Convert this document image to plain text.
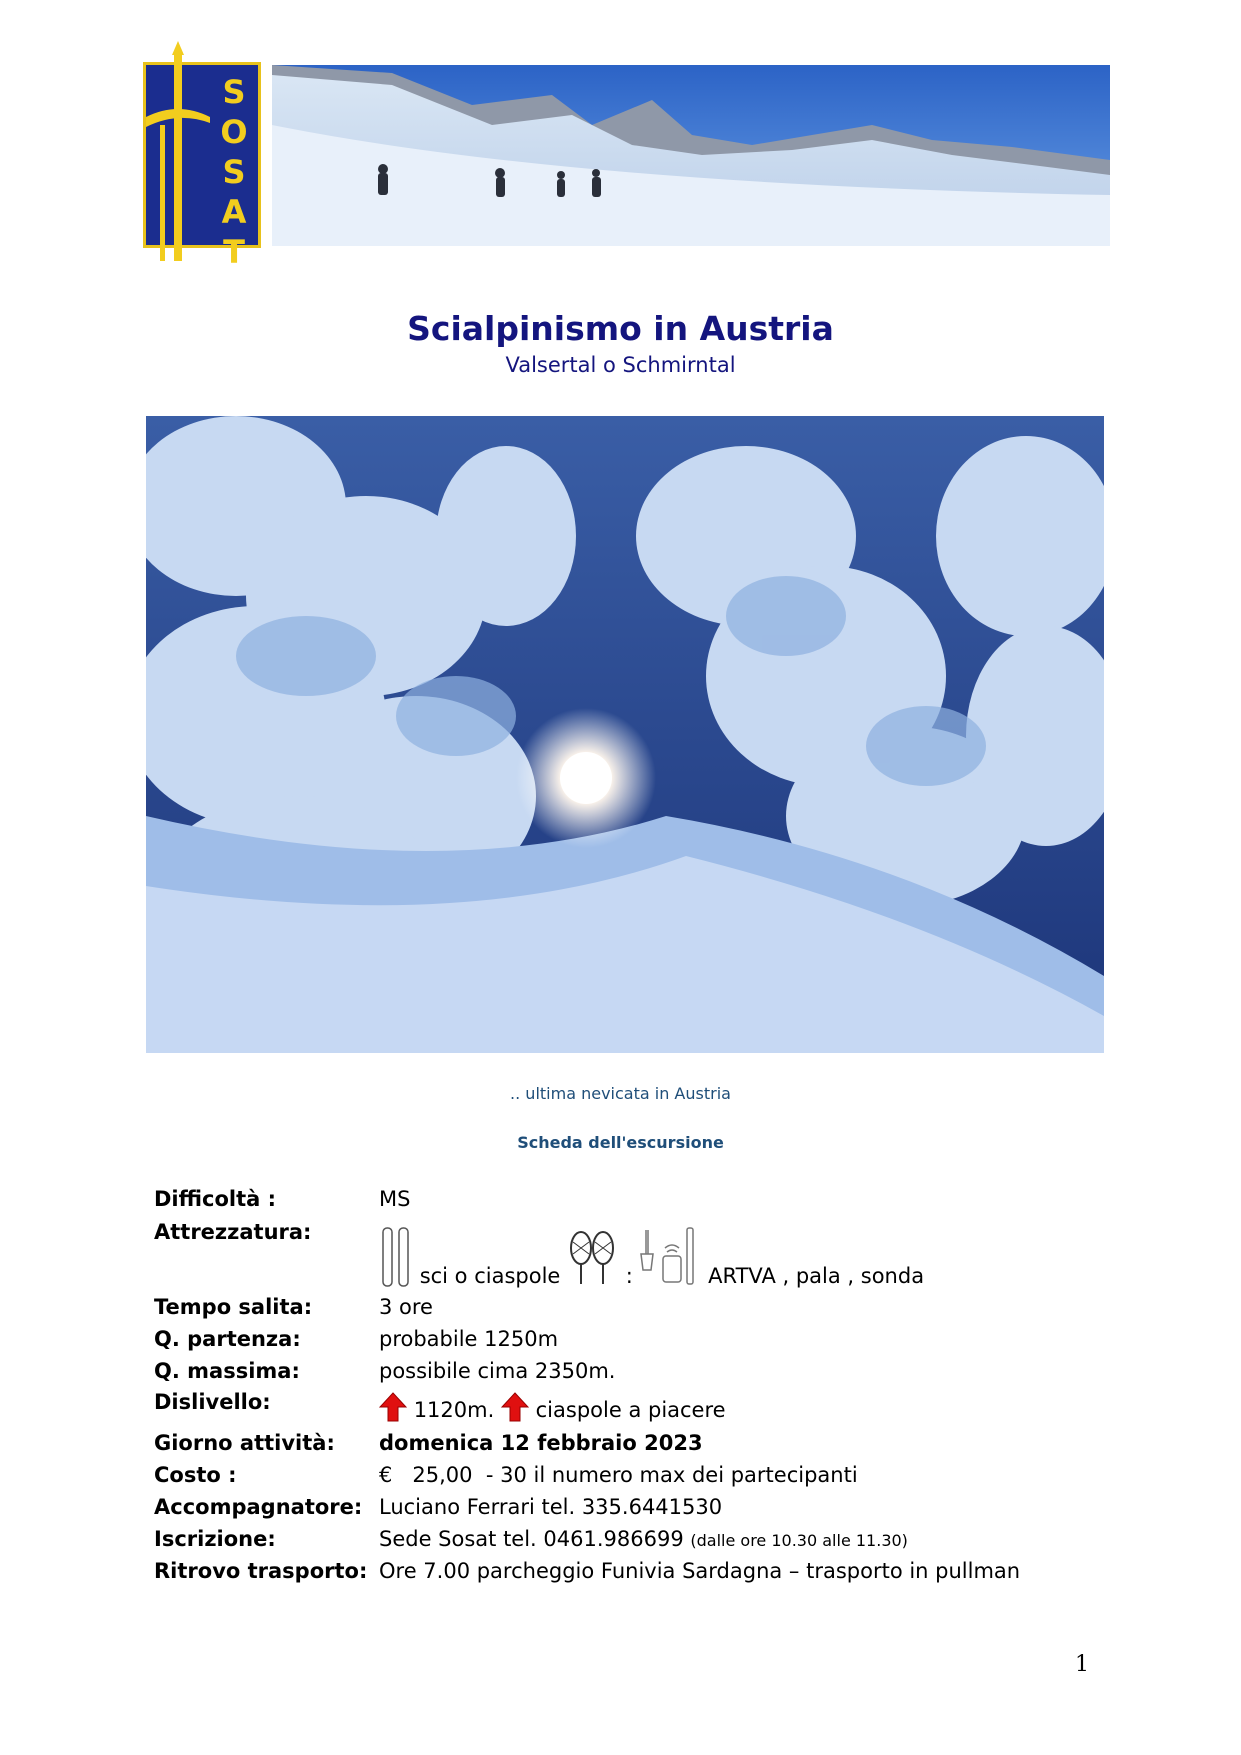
SOSAT
Scialpinismo in Austria
Valsertal o Schmirntal
.. ultima nevicata in Austria
Scheda dell'escursione
Difficoltà :	MS
Attrezzatura:
sci o ciaspole	:	ARTVA , pala , sonda
Tempo salita:	3 ore
Q. partenza:	probabile 1250m
Q. massima:	possibile cima 2350m.
Dislivello:	1120m. ciaspole a piacere
Giorno attività: domenica 12 febbraio 2023
Costo :	€   25,00  - 30 il numero max dei partecipanti
Accompagnatore: Luciano Ferrari tel. 335.6441530
Iscrizione:	Sede Sosat tel. 0461.986699 (dalle ore 10.30 alle 11.30)
Ritrovo trasporto: Ore 7.00 parcheggio Funivia Sardagna – trasporto in pullman
1
